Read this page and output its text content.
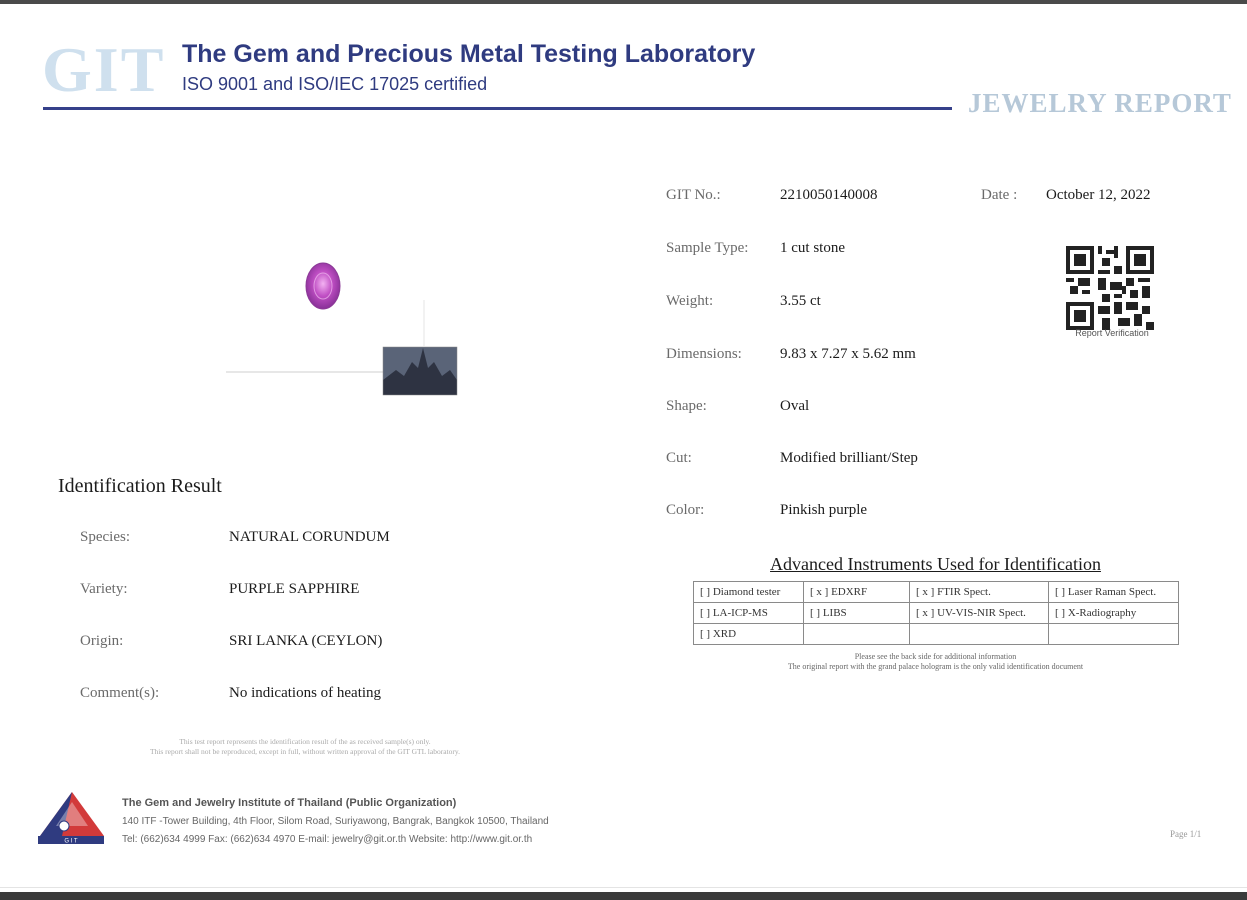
GIT The Gem and Precious Metal Testing Laboratory
ISO 9001 and ISO/IEC 17025 certified
JEWELRY REPORT
GIT No.:	2210050140008	Date : October 12, 2022
Sample Type: 1 cut stone
Weight:	3.55 ct
Dimensions:	9.83 x 7.27 x 5.62 mm
Shape:	Oval
Cut:	Modified brilliant/Step
Color:	Pinkish purple
Report Verification
Identification Result
Species:	NATURAL CORUNDUM
Variety:	PURPLE SAPPHIRE
Origin:	SRI LANKA (CEYLON)
Comment(s):	No indications of heating
Advanced Instruments Used for Identification
[ ] Diamond tester	[ x ] EDXRF	[ x ] FTIR Spect.	[ ] Laser Raman Spect.
[ ] LA-ICP-MS	[ ] LIBS	[ x ] UV-VIS-NIR Spect.	[ ] X-Radiography
[ ] XRD			
Please see the back side for additional information
The original report with the grand palace hologram is the only valid identification document
This test report represents the identification result of the as received sample(s) only.
This report shall not be reproduced, except in full, without written approval of the GIT GTL laboratory.
G I T
The Gem and Jewelry Institute of Thailand (Public Organization)
140 ITF -Tower Building, 4th Floor, Silom Road, Suriyawong, Bangrak, Bangkok 10500, Thailand
Tel: (662)634 4999 Fax: (662)634 4970 E-mail: jewelry@git.or.th Website: http://www.git.or.th	Page 1/1
